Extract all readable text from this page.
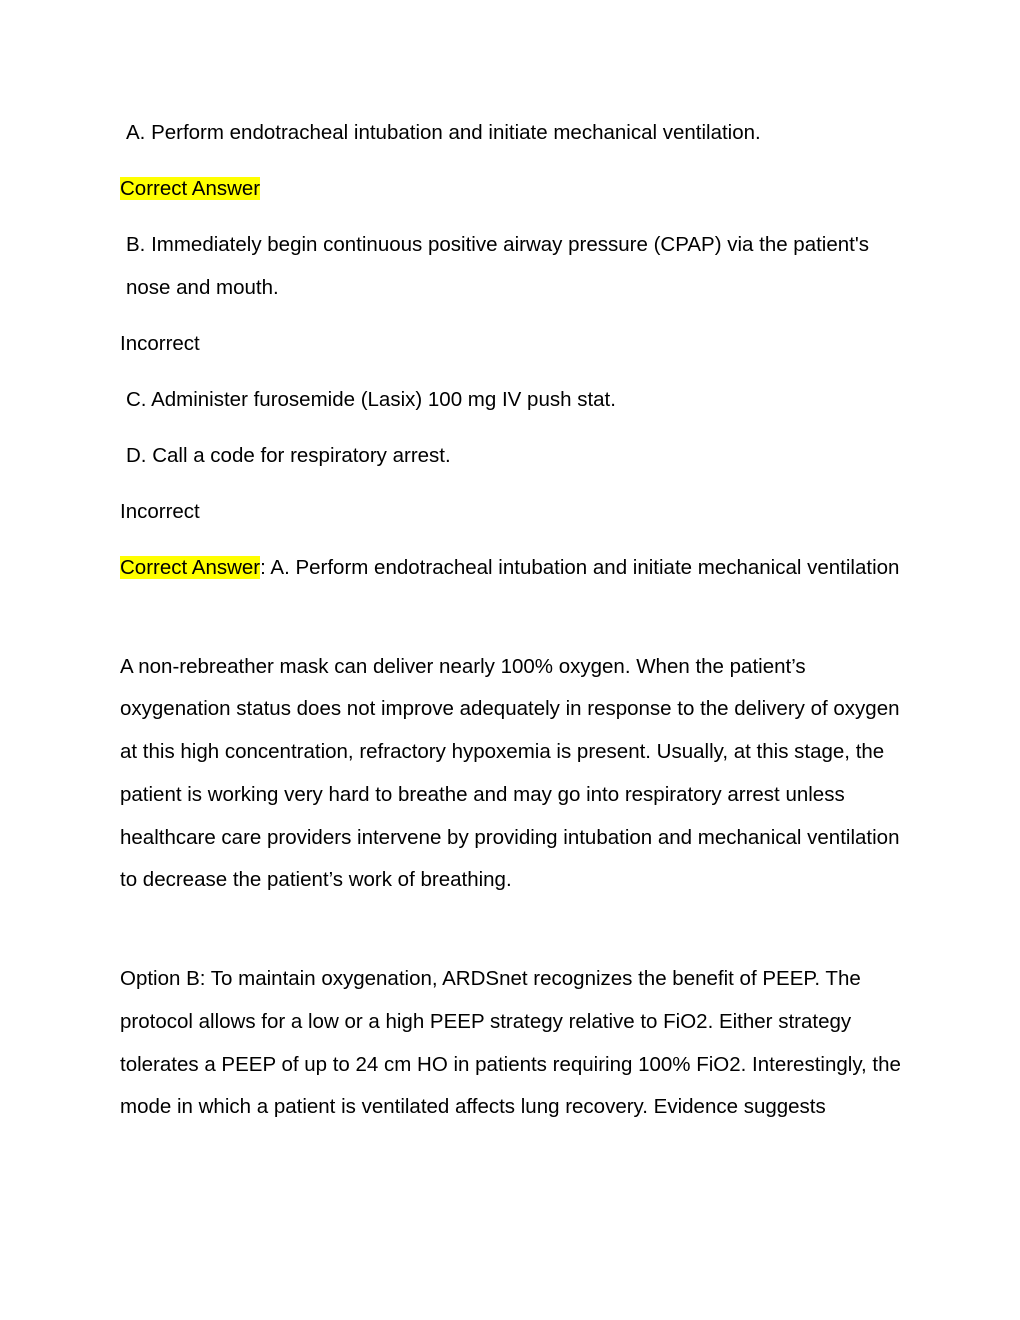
A. Perform endotracheal intubation and initiate mechanical ventilation.

Correct Answer

B. Immediately begin continuous positive airway pressure (CPAP) via the patient's nose and mouth.

Incorrect

C. Administer furosemide (Lasix) 100 mg IV push stat.

D. Call a code for respiratory arrest.

Incorrect

Correct Answer: A. Perform endotracheal intubation and initiate mechanical ventilation

A non-rebreather mask can deliver nearly 100% oxygen. When the patient’s oxygenation status does not improve adequately in response to the delivery of oxygen at this high concentration, refractory hypoxemia is present. Usually, at this stage, the patient is working very hard to breathe and may go into respiratory arrest unless healthcare care providers intervene by providing intubation and mechanical ventilation to decrease the patient’s work of breathing.

Option B: To maintain oxygenation, ARDSnet recognizes the benefit of PEEP. The protocol allows for a low or a high PEEP strategy relative to FiO2. Either strategy tolerates a PEEP of up to 24 cm HO in patients requiring 100% FiO2. Interestingly, the mode in which a patient is ventilated affects lung recovery. Evidence suggests
